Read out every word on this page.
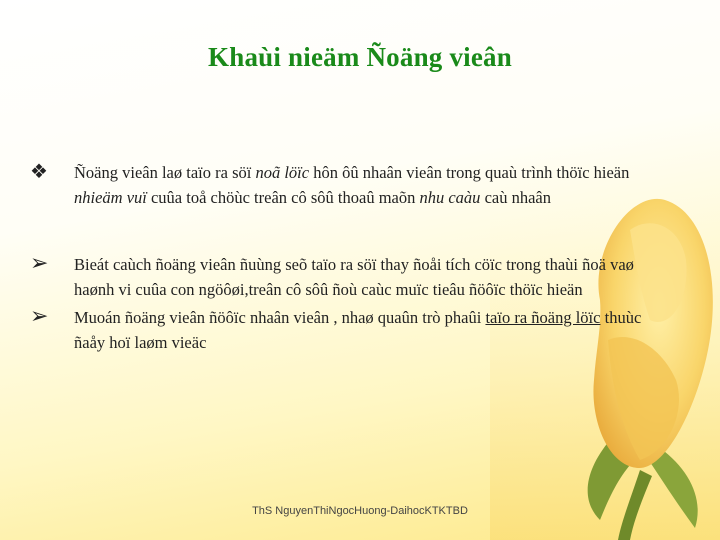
Khaùi nieäm Ñoäng vieân
❖ Ñoäng vieân laø taïo ra söï noã löïc hôn ôû nhaân vieân trong quaù trình thöïc hieän nhieäm vuï cuûa toå chöùc treân cô sôû thoaû maõn nhu caàu caù nhaân
➢ Bieát caùch ñoäng vieân ñuùng seõ taïo ra söï thay ñoåi tích cöïc trong thaùi ñoä vaø haønh vi cuûa con ngöôøi,treân cô sôû ñoù caùc muïc tieâu ñöôïc thöïc hieän
➢ Muoán ñoäng vieân ñöôïc nhaân vieân , nhaø quaûn trò phaûi taïo ra ñoäng löïc thuùc ñaåy hoï laøm vieäc
ThS NguyenThiNgocHuong-DaihocKTKTBD
